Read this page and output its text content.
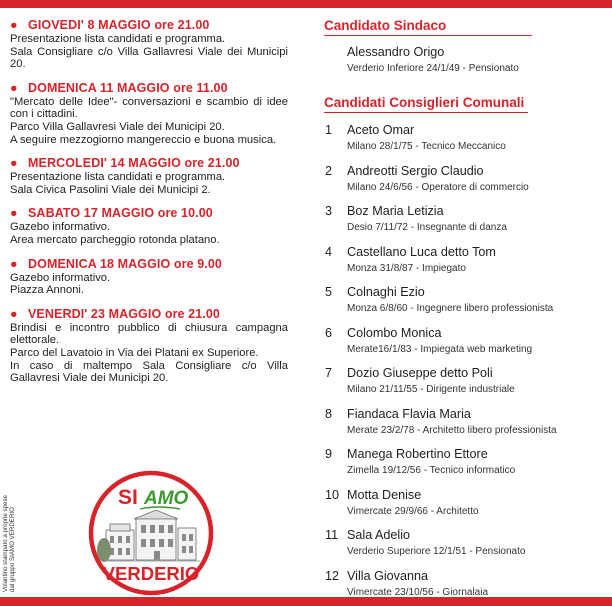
● GIOVEDI' 8 MAGGIO ore 21.00

Presentazione lista candidati e programma.

Sala Consigliare c/o Villa Gallavresi Viale dei Municipi 20.

● DOMENICA 11 MAGGIO ore 11.00

"Mercato delle Idee"- conversazioni e scambio di idee con i cittadini.

Parco Villa Gallavresi Viale dei Municipi 20.

A seguire mezzogiorno mangereccio e buona musica.

● MERCOLEDI' 14 MAGGIO ore 21.00

Presentazione lista candidati e programma.

Sala Civica Pasolini Viale dei Municipi 2.

● SABATO 17 MAGGIO ore 10.00

Gazebo informativo.

Area mercato parcheggio rotonda platano.

● DOMENICA 18 MAGGIO ore 9.00

Gazebo informativo.

Piazza Annoni.

● VENERDI' 23 MAGGIO ore 21.00

Brindisi e incontro pubblico di chiusura campagna elettorale.

Parco del Lavatoio in Via dei Platani ex Superiore.

In caso di maltempo Sala Consigliare c/o Villa Gallavresi Viale dei Municipi 20.

Volantino stampato a proprie spese dal gruppo SIAMO VERDERIO
SI AMO
VERDERIO
Candidato Sindaco
Alessandro Origo
Verderio Inferiore 24/1/49 - Pensionato
Candidati Consiglieri Comunali
1 Aceto Omar
Milano 28/1/75 - Tecnico Meccanico
2 Andreotti Sergio Claudio
Milano 24/6/56 - Operatore di commercio
3 Boz Maria Letizia
Desio 7/11/72 - Insegnante di danza
4 Castellano Luca detto Tom
Monza 31/8/87 - Impiegato
5 Colnaghi Ezio
Monza 6/8/60 - Ingegnere libero professionista
6 Colombo Monica
Merate16/1/83 - Impiegata web marketing
7 Dozio Giuseppe detto Poli
Milano 21/11/55 - Dirigente industriale
8 Fiandaca Flavia Maria
Merate 23/2/78 - Architetto libero professionista
9 Manega Robertino Ettore
Zimella 19/12/56 - Tecnico informatico
10 Motta Denise
Vimercate 29/9/66 - Architetto
11 Sala Adelio
Verderio Superiore 12/1/51 - Pensionato
12 Villa Giovanna
Vimercate 23/10/56 - Giornalaia
